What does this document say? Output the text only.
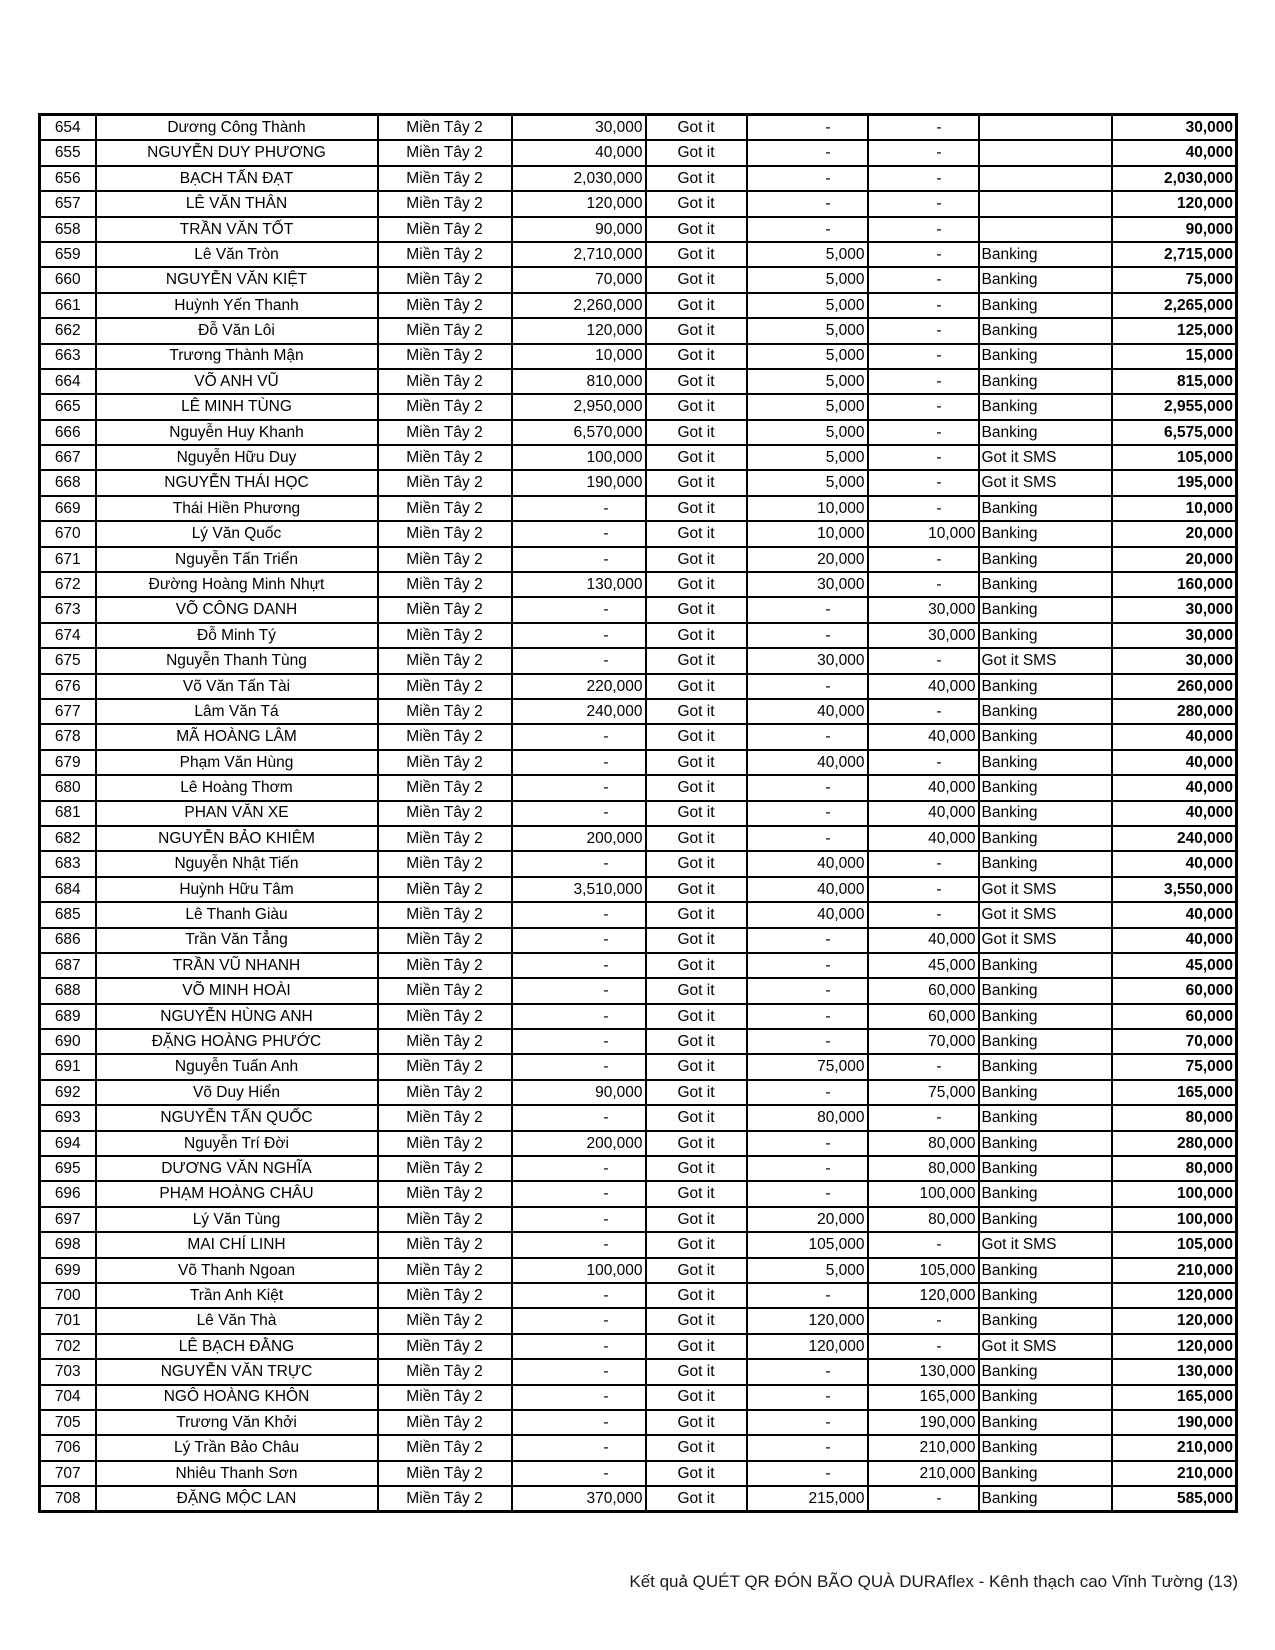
654	Dương Công Thành	Miền Tây 2	30,000	Got it	-	-		30,000
655	NGUYỄN DUY PHƯƠNG	Miền Tây 2	40,000	Got it	-	-		40,000
656	BẠCH TẤN ĐẠT	Miền Tây 2	2,030,000	Got it	-	-		2,030,000
657	LÊ VĂN THÂN	Miền Tây 2	120,000	Got it	-	-		120,000
658	TRẦN VĂN TỐT	Miền Tây 2	90,000	Got it	-	-		90,000
659	Lê Văn Tròn	Miền Tây 2	2,710,000	Got it	5,000	-	Banking	2,715,000
660	NGUYỄN VĂN KIỆT	Miền Tây 2	70,000	Got it	5,000	-	Banking	75,000
661	Huỳnh Yến Thanh	Miền Tây 2	2,260,000	Got it	5,000	-	Banking	2,265,000
662	Đỗ Văn Lôi	Miền Tây 2	120,000	Got it	5,000	-	Banking	125,000
663	Trương Thành Mận	Miền Tây 2	10,000	Got it	5,000	-	Banking	15,000
664	VÕ ANH VŨ	Miền Tây 2	810,000	Got it	5,000	-	Banking	815,000
665	LÊ MINH TÙNG	Miền Tây 2	2,950,000	Got it	5,000	-	Banking	2,955,000
666	Nguyễn Huy Khanh	Miền Tây 2	6,570,000	Got it	5,000	-	Banking	6,575,000
667	Nguyễn Hữu Duy	Miền Tây 2	100,000	Got it	5,000	-	Got it SMS	105,000
668	NGUYỄN THÁI HỌC	Miền Tây 2	190,000	Got it	5,000	-	Got it SMS	195,000
669	Thái Hiền Phương	Miền Tây 2	-	Got it	10,000	-	Banking	10,000
670	Lý Văn Quốc	Miền Tây 2	-	Got it	10,000	10,000	Banking	20,000
671	Nguyễn Tấn Triển	Miền Tây 2	-	Got it	20,000	-	Banking	20,000
672	Đường Hoàng Minh Nhựt	Miền Tây 2	130,000	Got it	30,000	-	Banking	160,000
673	VÕ CÔNG DANH	Miền Tây 2	-	Got it	-	30,000	Banking	30,000
674	Đỗ Minh Tý	Miền Tây 2	-	Got it	-	30,000	Banking	30,000
675	Nguyễn Thanh Tùng	Miền Tây 2	-	Got it	30,000	-	Got it SMS	30,000
676	Võ Văn Tấn Tài	Miền Tây 2	220,000	Got it	-	40,000	Banking	260,000
677	Lâm Văn Tá	Miền Tây 2	240,000	Got it	40,000	-	Banking	280,000
678	MÃ HOÀNG LÂM	Miền Tây 2	-	Got it	-	40,000	Banking	40,000
679	Phạm Văn Hùng	Miền Tây 2	-	Got it	40,000	-	Banking	40,000
680	Lê Hoàng Thơm	Miền Tây 2	-	Got it	-	40,000	Banking	40,000
681	PHAN VĂN XE	Miền Tây 2	-	Got it	-	40,000	Banking	40,000
682	NGUYỄN BẢO KHIÊM	Miền Tây 2	200,000	Got it	-	40,000	Banking	240,000
683	Nguyễn Nhật Tiến	Miền Tây 2	-	Got it	40,000	-	Banking	40,000
684	Huỳnh Hữu Tâm	Miền Tây 2	3,510,000	Got it	40,000	-	Got it SMS	3,550,000
685	Lê Thanh Giàu	Miền Tây 2	-	Got it	40,000	-	Got it SMS	40,000
686	Trần Văn Tẳng	Miền Tây 2	-	Got it	-	40,000	Got it SMS	40,000
687	TRẦN VŨ NHANH	Miền Tây 2	-	Got it	-	45,000	Banking	45,000
688	VÕ MINH HOÀI	Miền Tây 2	-	Got it	-	60,000	Banking	60,000
689	NGUYỄN HÙNG ANH	Miền Tây 2	-	Got it	-	60,000	Banking	60,000
690	ĐẶNG HOÀNG PHƯỚC	Miền Tây 2	-	Got it	-	70,000	Banking	70,000
691	Nguyễn Tuấn Anh	Miền Tây 2	-	Got it	75,000	-	Banking	75,000
692	Võ Duy Hiển	Miền Tây 2	90,000	Got it	-	75,000	Banking	165,000
693	NGUYỄN TẤN QUỐC	Miền Tây 2	-	Got it	80,000	-	Banking	80,000
694	Nguyễn Trí Đời	Miền Tây 2	200,000	Got it	-	80,000	Banking	280,000
695	DƯƠNG VĂN NGHĨA	Miền Tây 2	-	Got it	-	80,000	Banking	80,000
696	PHẠM HOÀNG CHÂU	Miền Tây 2	-	Got it	-	100,000	Banking	100,000
697	Lý Văn Tùng	Miền Tây 2	-	Got it	20,000	80,000	Banking	100,000
698	MAI CHÍ LINH	Miền Tây 2	-	Got it	105,000	-	Got it SMS	105,000
699	Võ Thanh Ngoan	Miền Tây 2	100,000	Got it	5,000	105,000	Banking	210,000
700	Trần Anh Kiệt	Miền Tây 2	-	Got it	-	120,000	Banking	120,000
701	Lê Văn Thà	Miền Tây 2	-	Got it	120,000	-	Banking	120,000
702	LÊ BẠCH ĐẰNG	Miền Tây 2	-	Got it	120,000	-	Got it SMS	120,000
703	NGUYỄN VĂN TRỰC	Miền Tây 2	-	Got it	-	130,000	Banking	130,000
704	NGÔ HOÀNG KHÔN	Miền Tây 2	-	Got it	-	165,000	Banking	165,000
705	Trương Văn Khởi	Miền Tây 2	-	Got it	-	190,000	Banking	190,000
706	Lý Trần Bảo Châu	Miền Tây 2	-	Got it	-	210,000	Banking	210,000
707	Nhiêu Thanh Sơn	Miền Tây 2	-	Got it	-	210,000	Banking	210,000
708	ĐẶNG MỘC LAN	Miền Tây 2	370,000	Got it	215,000	-	Banking	585,000
Kết quả QUÉT QR ĐÓN BÃO QUÀ DURAflex - Kênh thạch cao Vĩnh Tường (13)
